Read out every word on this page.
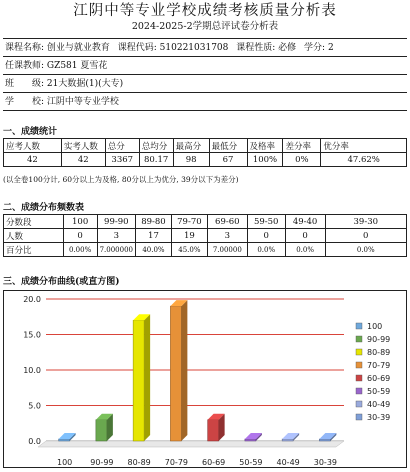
江阴中等专业学校成绩考核质量分析表
2024-2025-2学期总评试卷分析表
课程名称: 创业与就业教育 课程代码: 510221031708 课程性质: 必修 学分: 2
任课教师: GZ581 夏雪花
班　　级: 21大数据(1)(大专)
学　　校: 江阴中等专业学校
一、成绩统计
应考人数	实考人数	总分	总均分	最高分	最低分	及格率	差分率	优分率
42	42	3367	80.17	98	67	100%	0%	47.62%
(以全卷100分计, 60分以上为及格, 80分以上为优分, 39分以下为差分)
二、成绩分布频数表
分数段	100	99-90	89-80	79-70	69-60	59-50	49-40	39-30
人数	0	3	17	19	3	0	0	0
百分比	0.00%	7.000000	40.0%	45.0%	7.00000	0.0%	0.0%	0.0%
三、成绩分布曲线(或直方图)
0.0
5.0
10.0
15.0
20.0
100 90-99 80-89 70-79 60-69 50-59 40-49 30-39
100
90-99
80-89
70-79
60-69
50-59
40-49
30-39
